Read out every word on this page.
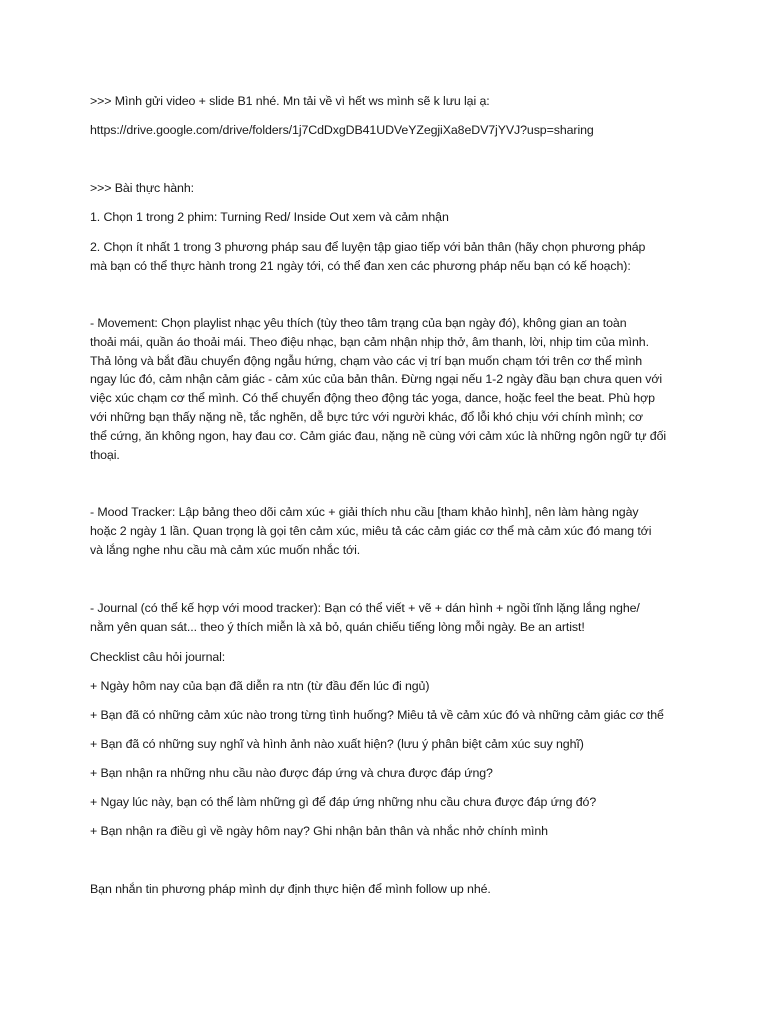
>>> Mình gửi video + slide B1 nhé. Mn tải về vì hết ws mình sẽ k lưu lại ạ:

https://drive.google.com/drive/folders/1j7CdDxgDB41UDVeYZegjiXa8eDV7jYVJ?usp=sharing

>>> Bài thực hành:

1. Chọn 1 trong 2 phim: Turning Red/ Inside Out xem và cảm nhận

2. Chọn ít nhất 1 trong 3 phương pháp sau để luyện tập giao tiếp với bản thân (hãy chọn phương pháp
mà bạn có thể thực hành trong 21 ngày tới, có thể đan xen các phương pháp nếu bạn có kế hoạch):
- Movement: Chọn playlist nhạc yêu thích (tùy theo tâm trạng của bạn ngày đó), không gian an toàn
thoải mái, quần áo thoải mái. Theo điệu nhạc, bạn cảm nhận nhịp thở, âm thanh, lời, nhịp tim của mình.
Thả lỏng và bắt đầu chuyển động ngẫu hứng, chạm vào các vị trí bạn muốn chạm tới trên cơ thể mình
ngay lúc đó, cảm nhận cảm giác - cảm xúc của bản thân. Đừng ngại nếu 1-2 ngày đầu bạn chưa quen với
việc xúc chạm cơ thể mình. Có thể chuyển động theo động tác yoga, dance, hoặc feel the beat. Phù hợp
với những bạn thấy nặng nề, tắc nghẽn, dễ bực tức với người khác, đổ lỗi khó chịu với chính mình; cơ
thể cứng, ăn không ngon, hay đau cơ. Cảm giác đau, nặng nề cùng với cảm xúc là những ngôn ngữ tự đối
thoại.
- Mood Tracker: Lập bảng theo dõi cảm xúc + giải thích nhu cầu [tham khảo hình], nên làm hàng ngày
hoặc 2 ngày 1 lần. Quan trọng là gọi tên cảm xúc, miêu tả các cảm giác cơ thể mà cảm xúc đó mang tới
và lắng nghe nhu cầu mà cảm xúc muốn nhắc tới.
- Journal (có thể kế hợp với mood tracker): Bạn có thể viết + vẽ + dán hình + ngồi tĩnh lặng lắng nghe/
nằm yên quan sát... theo ý thích miễn là xả bỏ, quán chiếu tiếng lòng mỗi ngày. Be an artist!

Checklist câu hỏi journal:

+ Ngày hôm nay của bạn đã diễn ra ntn (từ đầu đến lúc đi ngủ)

+ Bạn đã có những cảm xúc nào trong từng tình huống? Miêu tả về cảm xúc đó và những cảm giác cơ thể

+ Bạn đã có những suy nghĩ và hình ảnh nào xuất hiện? (lưu ý phân biệt cảm xúc suy nghĩ)

+ Bạn nhận ra những nhu cầu nào được đáp ứng và chưa được đáp ứng?

+ Ngay lúc này, bạn có thể làm những gì để đáp ứng những nhu cầu chưa được đáp ứng đó?

+ Bạn nhận ra điều gì về ngày hôm nay? Ghi nhận bản thân và nhắc nhở chính mình

Bạn nhắn tin phương pháp mình dự định thực hiện để mình follow up nhé.
